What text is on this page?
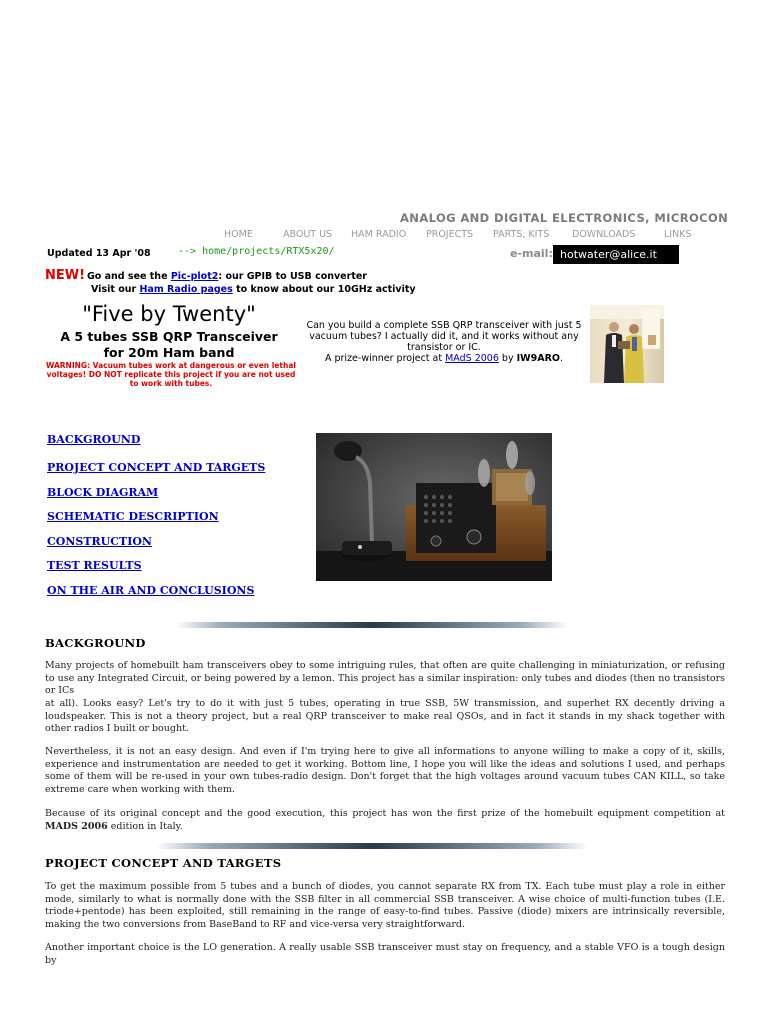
ANALOG AND DIGITAL ELECTRONICS, MICROCON
HOME	ABOUT US HAM RADIO PROJECTS PARTS, KITS DOWNLOADS	LINKS
Updated 13 Apr '08	--> home/projects/RTX5x20/	e-mail: hotwater@alice.it
NEW! Go and see the Pic-plot2: our GPIB to USB converter
Visit our Ham Radio pages to know about our 10GHz activity
"Five by Twenty"
A 5 tubes SSB QRP Transceiver
for 20m Ham band
WARNING: Vacuum tubes work at dangerous or even lethal voltages! DO NOT replicate this project if you are not used to work with tubes.
Can you build a complete SSB QRP transceiver with just 5 vacuum tubes? I actually did it, and it works without any transistor or IC.
A prize-winner project at MAdS 2006 by IW9ARO.
BACKGROUND
PROJECT CONCEPT AND TARGETS
BLOCK DIAGRAM
SCHEMATIC DESCRIPTION
CONSTRUCTION
TEST RESULTS
ON THE AIR AND CONCLUSIONS
BACKGROUND
Many projects of homebuilt ham transceivers obey to some intriguing rules, that often are quite challenging in miniaturization, or refusing to use any Integrated Circuit, or being powered by a lemon. This project has a similar inspiration: only tubes and diodes (then no transistors or ICs
at all). Looks easy? Let's try to do it with just 5 tubes, operating in true SSB, 5W transmission, and superhet RX decently driving a loudspeaker. This is not a theory project, but a real QRP transceiver to make real QSOs, and in fact it stands in my shack together with other radios I built or bought.
Nevertheless, it is not an easy design. And even if I'm trying here to give all informations to anyone willing to make a copy of it, skills, experience and instrumentation are needed to get it working. Bottom line, I hope you will like the ideas and solutions I used, and perhaps some of them will be re-used in your own tubes-radio design. Don't forget that the high voltages around vacuum tubes CAN KILL, so take extreme care when working with them.
Because of its original concept and the good execution, this project has won the first prize of the homebuilt equipment competition at MADS 2006 edition in Italy.
PROJECT CONCEPT AND TARGETS
To get the maximum possible from 5 tubes and a bunch of diodes, you cannot separate RX from TX. Each tube must play a role in either mode, similarly to what is normally done with the SSB filter in all commercial SSB transceiver. A wise choice of multi-function tubes (I.E. triode+pentode) has been exploited, still remaining in the range of easy-to-find tubes. Passive (diode) mixers are intrinsically reversible, making the two conversions from BaseBand to RF and vice-versa very straightforward.
Another important choice is the LO generation. A really usable SSB transceiver must stay on frequency, and a stable VFO is a tough design by
